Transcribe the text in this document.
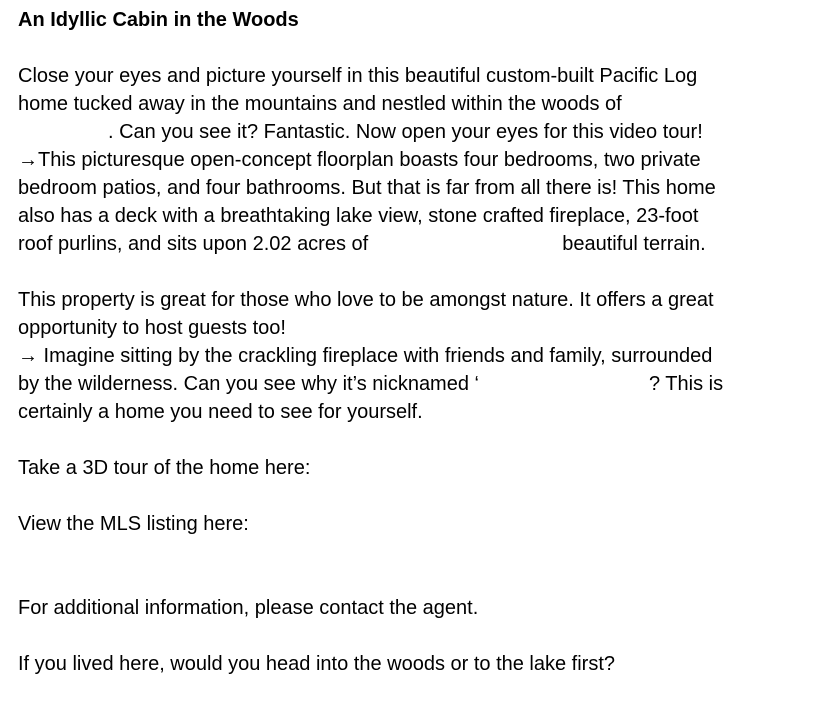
An Idyllic Cabin in the Woods
Close your eyes and picture yourself in this beautiful custom-built Pacific Log
home tucked away in the mountains and nestled within the woods of
. Can you see it? Fantastic. Now open your eyes for this video tour!
→This picturesque open-concept floorplan boasts four bedrooms, two private
bedroom patios, and four bathrooms. But that is far from all there is! This home
also has a deck with a breathtaking lake view, stone crafted fireplace, 23-foot
roof purlins, and sits upon 2.02 acres of	beautiful terrain.
This property is great for those who love to be amongst nature. It offers a great
opportunity to host guests too!
→ Imagine sitting by the crackling fireplace with friends and family, surrounded
by the wilderness. Can you see why it’s nicknamed ‘	? This is
certainly a home you need to see for yourself.
Take a 3D tour of the home here:
View the MLS listing here:
For additional information, please contact the agent.
If you lived here, would you head into the woods or to the lake first?
